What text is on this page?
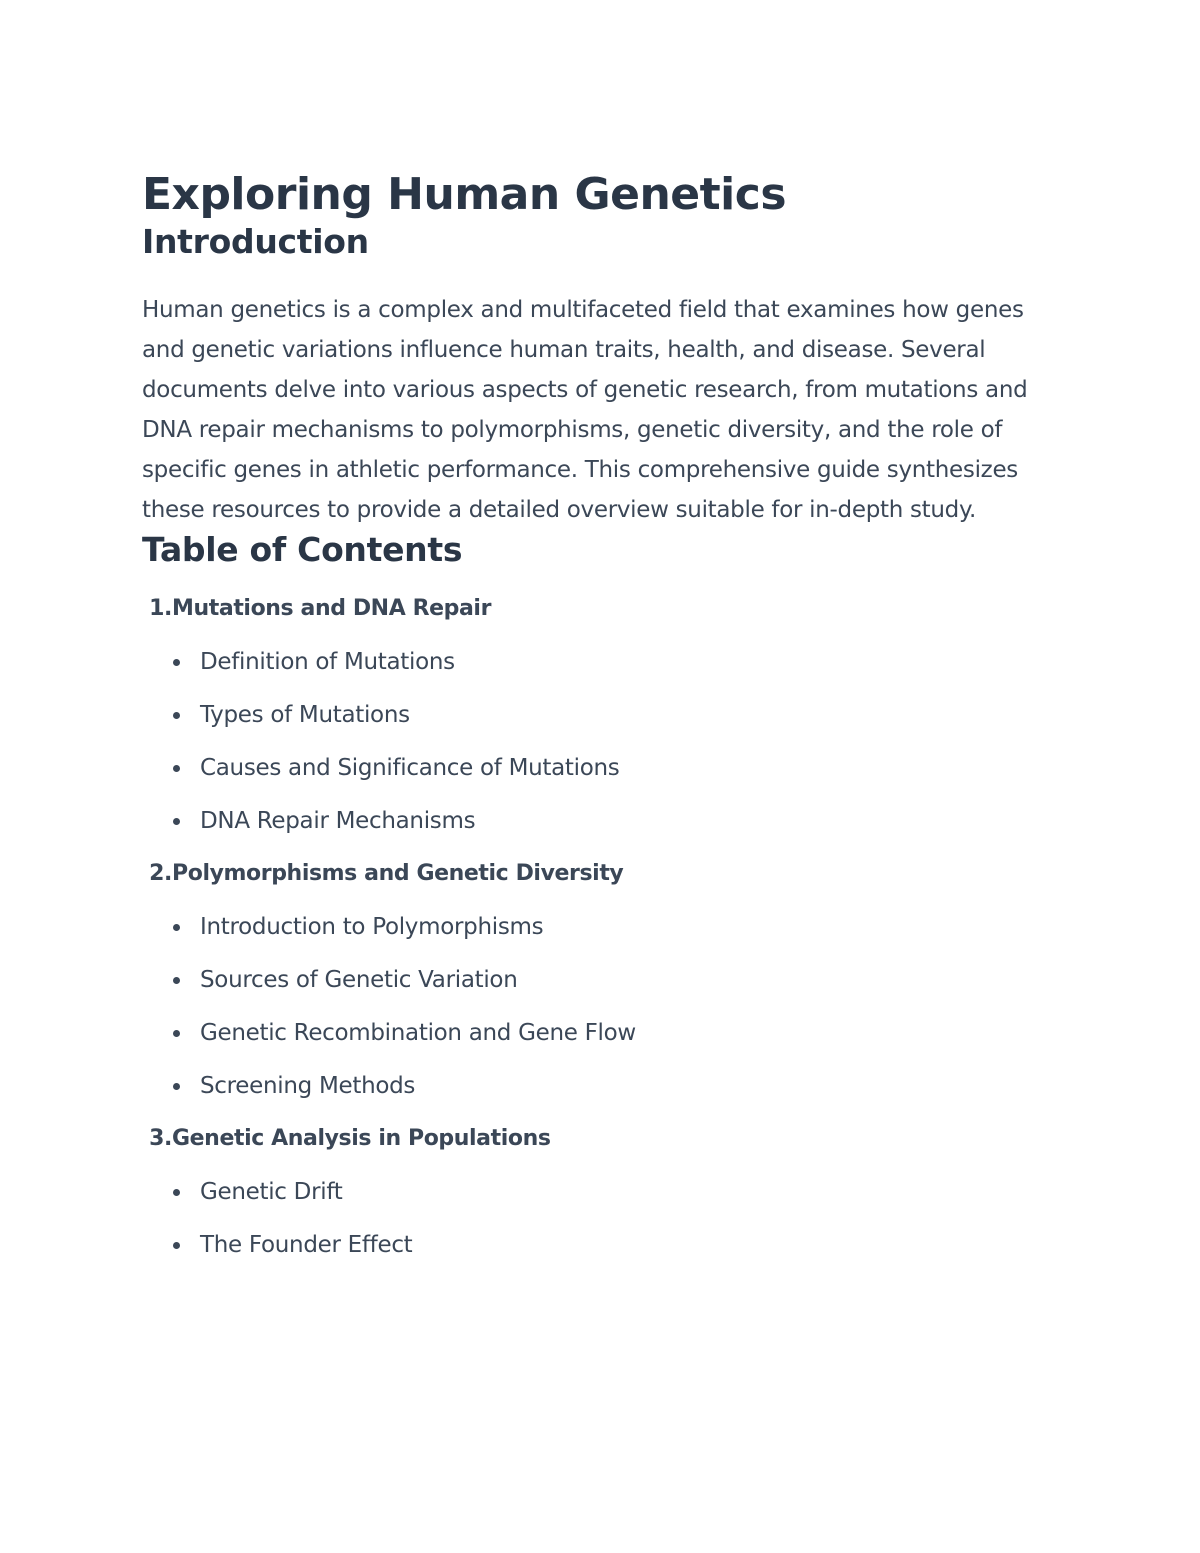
Exploring Human Genetics
Introduction

Human genetics is a complex and multifaceted field that examines how genes and genetic variations influence human traits, health, and disease. Several documents delve into various aspects of genetic research, from mutations and DNA repair mechanisms to polymorphisms, genetic diversity, and the role of specific genes in athletic performance. This comprehensive guide synthesizes these resources to provide a detailed overview suitable for in-depth study.

Table of Contents
1. Mutations and DNA Repair
Definition of Mutations
Types of Mutations
Causes and Significance of Mutations
DNA Repair Mechanisms
2. Polymorphisms and Genetic Diversity
Introduction to Polymorphisms
Sources of Genetic Variation
Genetic Recombination and Gene Flow
Screening Methods
3. Genetic Analysis in Populations
Genetic Drift
The Founder Effect
